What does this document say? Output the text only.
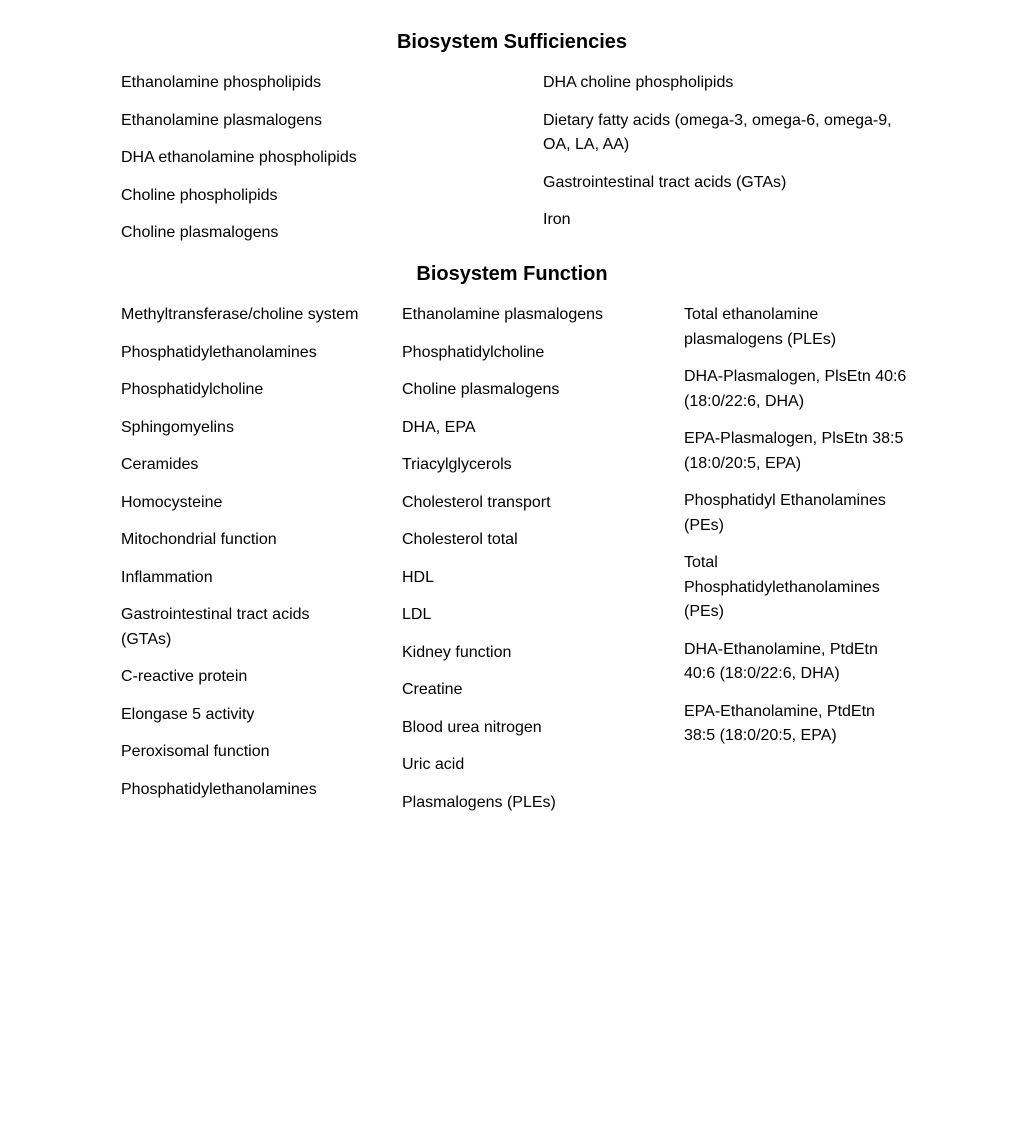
Biosystem Sufficiencies
Ethanolamine phospholipids
Ethanolamine plasmalogens
DHA ethanolamine phospholipids
Choline phospholipids
Choline plasmalogens
DHA choline phospholipids
Dietary fatty acids (omega-3, omega-6, omega-9, OA, LA, AA)
Gastrointestinal tract acids (GTAs)
Iron
Biosystem Function
Methyltransferase/choline system
Phosphatidylethanolamines
Phosphatidylcholine
Sphingomyelins
Ceramides
Homocysteine
Mitochondrial function
Inflammation
Gastrointestinal tract acids (GTAs)
C-reactive protein
Elongase 5 activity
Peroxisomal function
Phosphatidylethanolamines
Ethanolamine plasmalogens
Phosphatidylcholine
Choline plasmalogens
DHA, EPA
Triacylglycerols
Cholesterol transport
Cholesterol total
HDL
LDL
Kidney function
Creatine
Blood urea nitrogen
Uric acid
Plasmalogens (PLEs)
Total ethanolamine plasmalogens (PLEs)
DHA-Plasmalogen, PlsEtn 40:6 (18:0/22:6, DHA)
EPA-Plasmalogen, PlsEtn 38:5 (18:0/20:5, EPA)
Phosphatidyl Ethanolamines (PEs)
Total Phosphatidylethanolamines (PEs)
DHA-Ethanolamine, PtdEtn 40:6 (18:0/22:6, DHA)
EPA-Ethanolamine, PtdEtn 38:5 (18:0/20:5, EPA)
